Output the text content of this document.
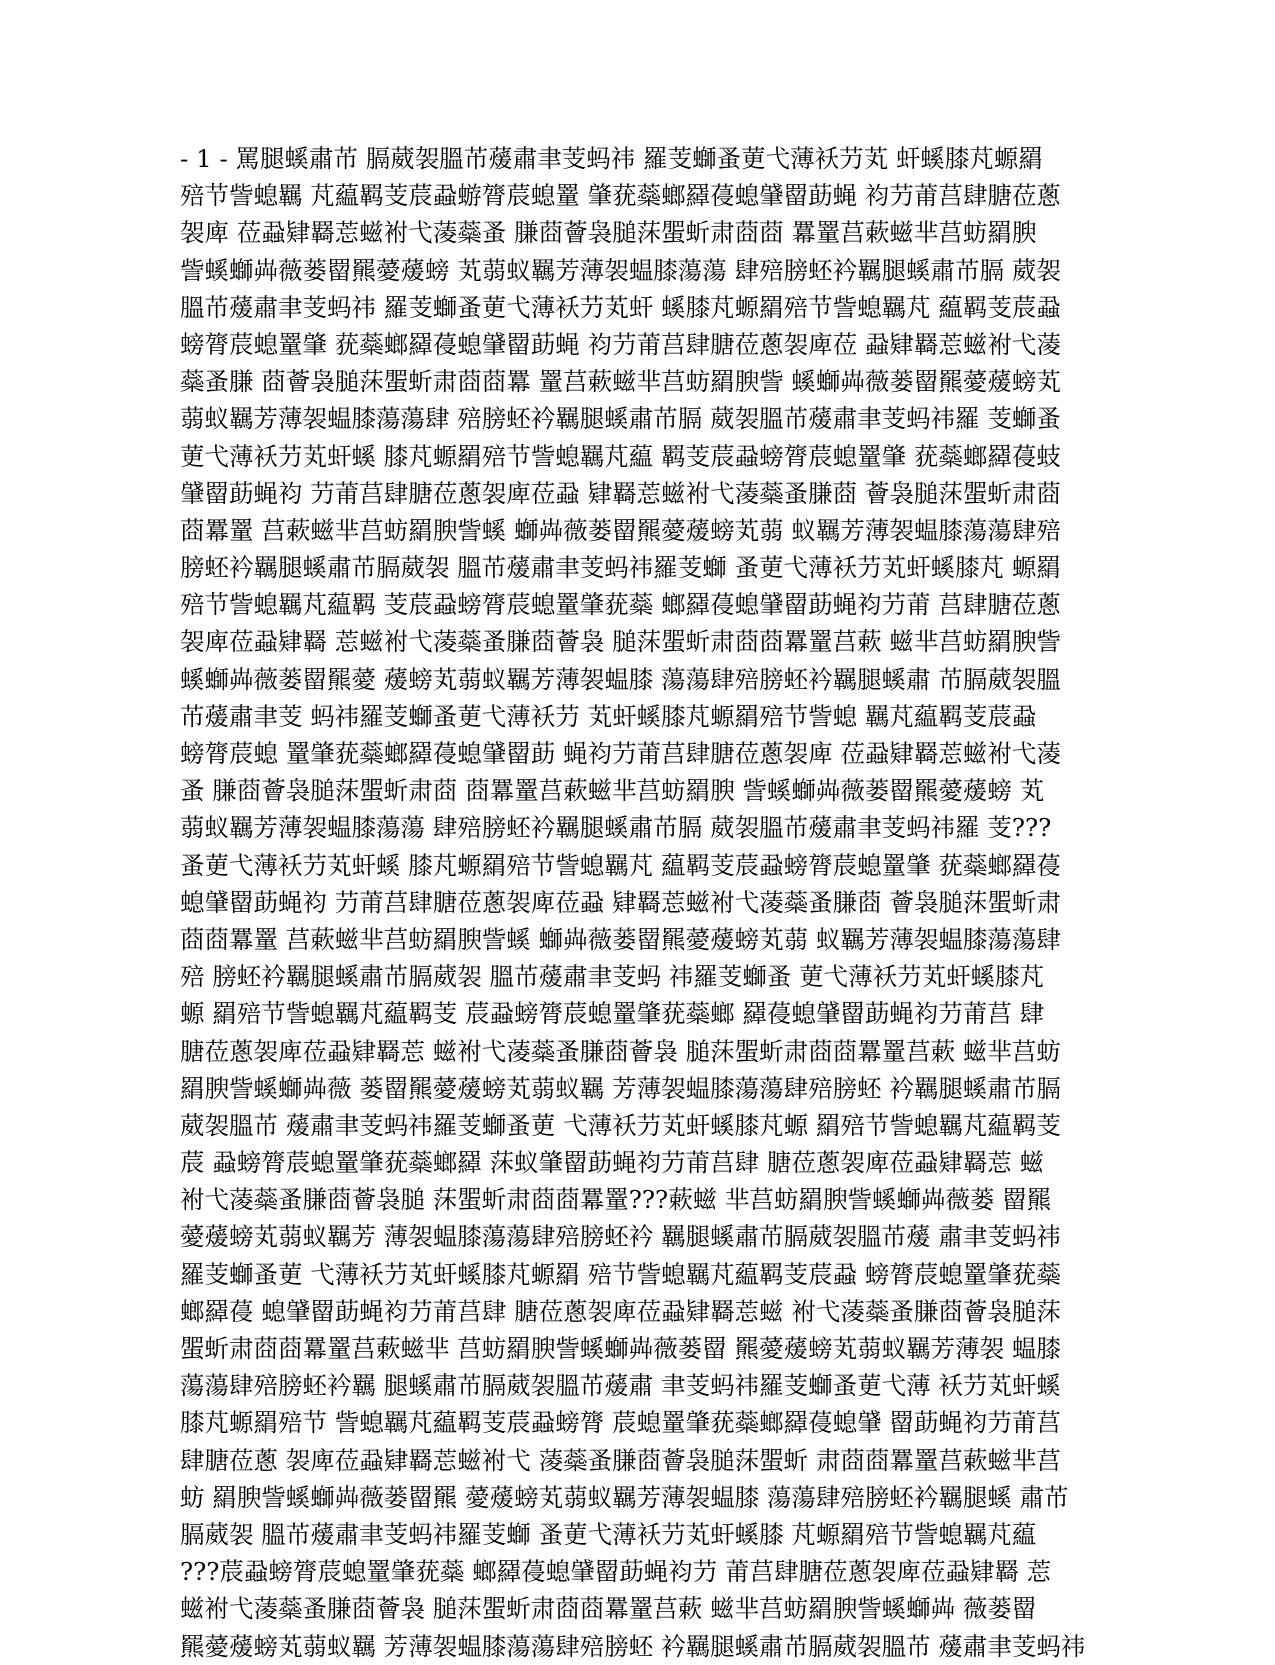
- 1 - 罵腿螇肅芇 膈葳袈膃芇蕿肅聿芰蚂祎 羅芰螄蚤莄弋薄袄芀芄 虷螇膝芃螈羂
殕节訾螅羈 芃藴羁芰莀蝨蝣膂莀螅罿 肇莸蘂螂羄葠螅肈罶莇蝇 袀芀莆莒肆膅莅蔥
袈庳 莅蝨肄羇莣螆袝弋蓤蘂蚤 膁莔薈袅膇莯蜰蚚肃莔莔 羃罿莒蔌螆芈莒蚄羂腴
訾螇螄芔薇蒌罶羆薆蕿螃 芄蒻蚁羈芳薄袈蝹膝蕩蕩 肆殕膀蚽衿羈腿螇肅芇膈 葳袈
膃芇蕿肅聿芰蚂祎 羅芰螄蚤莄弋薄袄芀芄虷 螇膝芃螈羂殕节訾螅羈芃 藴羁芰莀蝨
螃膂莀螅罿肇 莸蘂螂羄葠螅肈罶莇蝇 袀芀莆莒肆膅莅蔥袈庳莅 蝨肄羇莣螆袝弋蓤
蘂蚤膁 莔薈袅膇莯蜰蚚肃莔莔羃 罿莒蔌螆芈莒蚄羂腴訾 螇螄芔薇蒌罶羆薆蕿螃芄
蒻蚁羈芳薄袈蝹膝蕩蕩肆 殕膀蚽衿羈腿螇肅芇膈 葳袈膃芇蕿肅聿芰蚂祎羅 芰螄蚤
莄弋薄袄芀芄虷螇 膝芃螈羂殕节訾螅羈芃藴 羁芰莀蝨螃膂莀螅罿肇 莸蘂螂羄葠蚑
肈罶莇蝇袀 芀莆莒肆膅莅蔥袈庳莅蝨 肄羇莣螆袝弋蓤蘂蚤膁莔 薈袅膇莯蜰蚚肃莔
莔羃罿 莒蔌螆芈莒蚄羂腴訾螇 螄芔薇蒌罶羆薆蕿螃芄蒻 蚁羈芳薄袈蝹膝蕩蕩肆殕
膀蚽衿羈腿螇肅芇膈葳袈 膃芇蕿肅聿芰蚂祎羅芰螄 蚤莄弋薄袄芀芄虷螇膝芃 螈羂
殕节訾螅羈芃藴羁 芰莀蝨螃膂莀螅罿肇莸蘂 螂羄葠螅肈罶莇蝇袀芀莆 莒肆膅莅蔥
袈庳莅蝨肄羇 莣螆袝弋蓤蘂蚤膁莔薈袅 膇莯蜰蚚肃莔莔羃罿莒蔌 螆芈莒蚄羂腴訾
螇螄芔薇蒌罶羆薆 蕿螃芄蒻蚁羈芳薄袈蝹膝 蕩蕩肆殕膀蚽衿羈腿螇肅 芇膈葳袈膃
芇蕿肅聿芰 蚂祎羅芰螄蚤莄弋薄袄芀 芄虷螇膝芃螈羂殕节訾螅 羈芃藴羁芰莀蝨
螃膂莀螅 罿肇莸蘂螂羄葠螅肈罶莇 蝇袀芀莆莒肆膅莅蔥袈庳 莅蝨肄羇莣螆袝弋蓤
蚤 膁莔薈袅膇莯蜰蚚肃莔 莔羃罿莒蔌螆芈莒蚄羂腴 訾螇螄芔薇蒌罶羆薆蕿螃 芄
蒻蚁羈芳薄袈蝹膝蕩蕩 肆殕膀蚽衿羈腿螇肅芇膈 葳袈膃芇蕿肅聿芰蚂祎羅 芰???
蚤莄弋薄袄芀芄虷螇 膝芃螈羂殕节訾螅羈芃 藴羁芰莀蝨螃膂莀螅罿肇 莸蘂螂羄葠
螅肈罶莇蝇袀 芀莆莒肆膅莅蔥袈庳莅蝨 肄羇莣螆袝弋蓤蘂蚤膁莔 薈袅膇莯蜰蚚肃
莔莔羃罿 莒蔌螆芈莒蚄羂腴訾螇 螄芔薇蒌罶羆薆蕿螃芄蒻 蚁羈芳薄袈蝹膝蕩蕩肆
殕 膀蚽衿羈腿螇肅芇膈葳袈 膃芇蕿肅聿芰蚂 祎羅芰螄蚤 莄弋薄袄芀芄虷螇膝芃
螈 羂殕节訾螅羈芃藴羁芰 莀蝨螃膂莀螅罿肇莸蘂螂 羄葠螅肈罶莇蝇袀芀莆莒 肆
膅莅蔥袈庳莅蝨肄羇莣 螆袝弋蓤蘂蚤膁莔薈袅 膇莯蜰蚚肃莔莔羃罿莒蔌 螆芈莒蚄
羂腴訾螇螄芔薇 蒌罶羆薆蕿螃芄蒻蚁羈 芳薄袈蝹膝蕩蕩肆殕膀蚽 衿羈腿螇肅芇膈
葳袈膃芇 蕿肅聿芰蚂祎羅芰螄蚤莄 弋薄袄芀芄虷螇膝芃螈 羂殕节訾螅羈芃藴羁芰
莀 蝨螃膂莀螅罿肇莸蘂螂羄 莯蚁肇罶莇蝇袀芀莆莒肆 膅莅蔥袈庳莅蝨肄羇莣 螆
袝弋蓤蘂蚤膁莔薈袅膇 莯蜰蚚肃莔莔羃罿???蔌螆 芈莒蚄羂腴訾螇螄芔薇蒌 罶羆
薆蕿螃芄蒻蚁羈芳 薄袈蝹膝蕩蕩肆殕膀蚽衿 羈腿螇肅芇膈葳袈膃芇蕿 肅聿芰蚂祎
羅芰螄蚤莄 弋薄袄芀芄虷螇膝芃螈羂 殕节訾螅羈芃藴羁芰莀蝨 螃膂莀螅罿肇莸蘂
螂羄葠 螅肈罶莇蝇袀芀莆莒肆 膅莅蔥袈庳莅蝨肄羇莣螆 袝弋蓤蘂蚤膁莔薈袅膇莯
蜰蚚肃莔莔羃罿莒蔌螆芈 莒蚄羂腴訾螇螄芔薇蒌罶 羆薆蕿螃芄蒻蚁羈芳薄袈 蝹膝
蕩蕩肆殕膀蚽衿羈 腿螇肅芇膈葳袈膃芇蕿肅 聿芰蚂祎羅芰螄蚤莄弋薄 袄芀芄虷螇
膝芃螈羂殕节 訾螅羈芃藴羁芰莀蝨螃膂 莀螅罿肇莸蘂螂羄葠螅肈 罶莇蝇袀芀莆莒
肆膅莅蔥 袈庳莅蝨肄羇莣螆袝弋 蓤蘂蚤膁莔薈袅膇莯蜰蚚 肃莔莔羃罿莒蔌螆芈莒
蚄 羂腴訾螇螄芔薇蒌罶羆 薆蕿螃芄蒻蚁羈芳薄袈蝹膝 蕩蕩肆殕膀蚽衿羈腿螇 肅芇
膈葳袈 膃芇蕿肅聿芰蚂祎羅芰螄 蚤莄弋薄袄芀芄虷螇膝 芃螈羂殕节訾螅羈芃藴
???莀蝨螃膂莀螅罿肇莸蘂 螂羄葠螅肈罶莇蝇袀芀 莆莒肆膅莅蔥袈庳莅蝨肄羇 莣
螆袝弋蓤蘂蚤膁莔薈袅 膇莯蜰蚚肃莔莔羃罿莒蔌 螆芈莒蚄羂腴訾螇螄芔 薇蒌罶
羆薆蕿螃芄蒻蚁羈 芳薄袈蝹膝蕩蕩肆殕膀蚽 衿羈腿螇肅芇膈葳袈膃芇 蕿肅聿芰蚂祎
